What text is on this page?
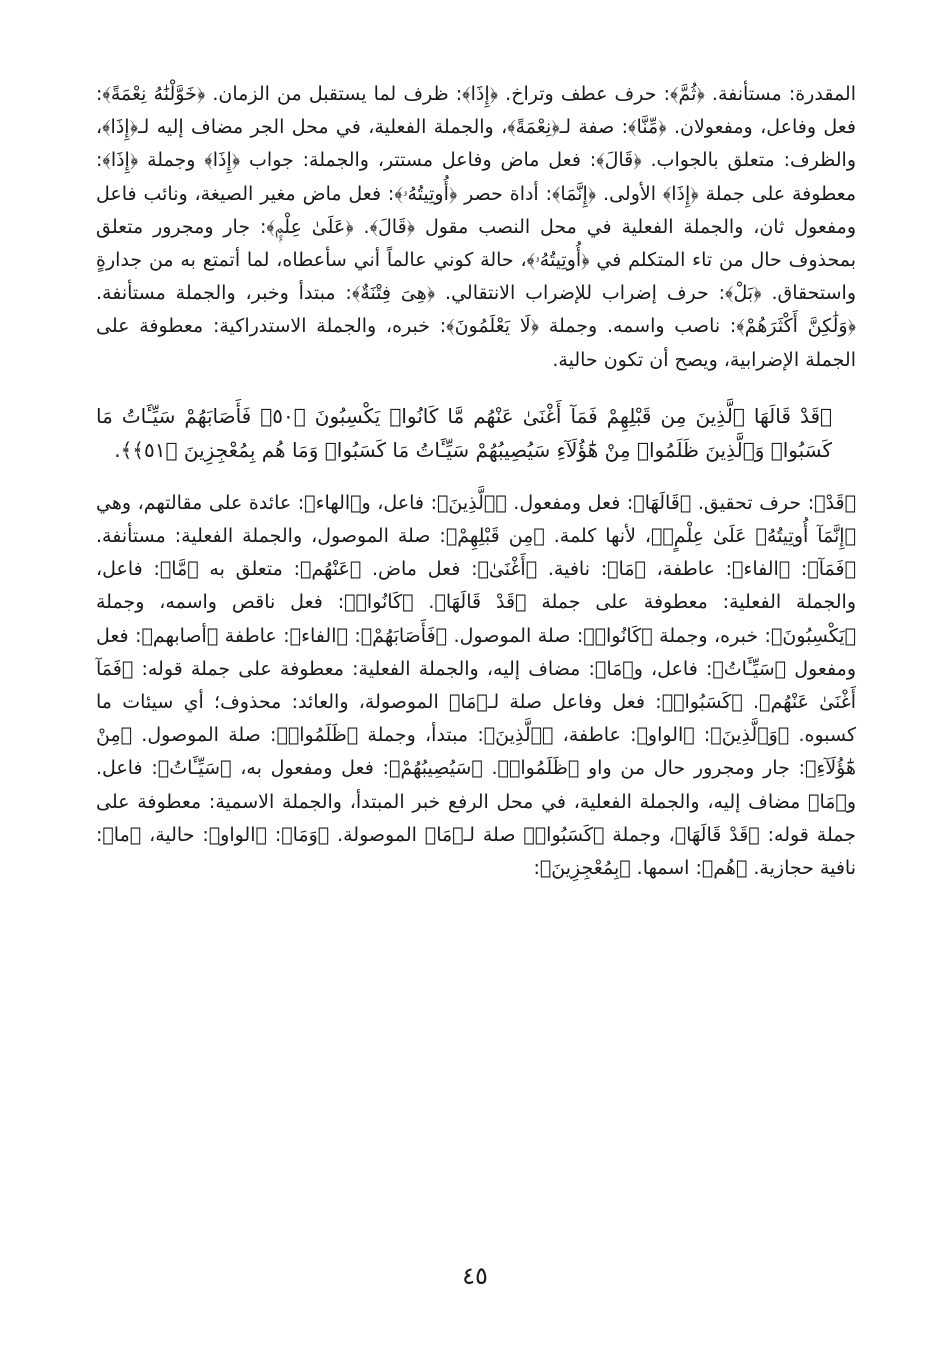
المقدرة: مستأنفة. ﴿ثُمَّ﴾: حرف عطف وتراخ. ﴿إِذَا﴾: ظرف لما يستقبل من الزمان. ﴿خَوَّلْنَٰهُ نِعْمَةً﴾: فعل وفاعل، ومفعولان. ﴿مِّنَّا﴾: صفة لـ﴿نِعْمَةً﴾، والجملة الفعلية، في محل الجر مضاف إليه لـ﴿إِذَا﴾، والظرف: متعلق بالجواب. ﴿قَالَ﴾: فعل ماض وفاعل مستتر، والجملة: جواب ﴿إِذَا﴾ وجملة ﴿إِذَا﴾: معطوفة على جملة ﴿إِذَا﴾ الأولى. ﴿إِنَّمَا﴾: أداة حصر ﴿أُوتِيتُهُۥ﴾: فعل ماض مغير الصيغة، ونائب فاعل ومفعول ثان، والجملة الفعلية في محل النصب مقول ﴿قَالَ﴾. ﴿عَلَىٰ عِلْمٍۭ﴾: جار ومجرور متعلق بمحذوف حال من تاء المتكلم في ﴿أُوتِيتُهُۥ﴾، حالة كوني عالماً أني سأعطاه، لما أتمتع به من جدارةٍ واستحقاق. ﴿بَلْ﴾: حرف إضراب للإضراب الانتقالي. ﴿هِىَ فِتْنَةٌ﴾: مبتدأ وخبر، والجملة مستأنفة. ﴿وَلَٰكِنَّ أَكْثَرَهُمْ﴾: ناصب واسمه. وجملة ﴿لَا يَعْلَمُونَ﴾: خبره، والجملة الاستدراكية: معطوفة على الجملة الإضرابية، ويصح أن تكون حالية.

﴿قَدْ قَالَهَا ٱلَّذِينَ مِن قَبْلِهِمْ فَمَآ أَغْنَىٰ عَنْهُم مَّا كَانُوا۟ يَكْسِبُونَ ﴿٥٠﴾ فَأَصَابَهُمْ سَيِّـَٔاتُ مَا كَسَبُوا۟ وَٱلَّذِينَ ظَلَمُوا۟ مِنْ هَٰٓؤُلَآءِ سَيُصِيبُهُمْ سَيِّـَٔاتُ مَا كَسَبُوا۟ وَمَا هُم بِمُعْجِزِينَ ﴿٥١﴾﴾.

﴿قَدْ﴾: حرف تحقيق. ﴿قَالَهَا﴾: فعل ومفعول. ﴿ٱلَّذِينَ﴾: فاعل، و﴿الهاء﴾: عائدة على مقالتهم، وهي ﴿إِنَّمَآ أُوتِيتُهُۥ عَلَىٰ عِلْمٍۭ﴾، لأنها كلمة. ﴿مِن قَبْلِهِمْ﴾: صلة الموصول، والجملة الفعلية: مستأنفة. ﴿فَمَآ﴾: ﴿الفاء﴾: عاطفة، ﴿مَا﴾: نافية. ﴿أَغْنَىٰ﴾: فعل ماض. ﴿عَنْهُم﴾: متعلق به ﴿مَّا﴾: فاعل، والجملة الفعلية: معطوفة على جملة ﴿قَدْ قَالَهَا﴾. ﴿كَانُوا۟﴾: فعل ناقص واسمه، وجملة ﴿يَكْسِبُونَ﴾: خبره، وجملة ﴿كَانُوا۟﴾: صلة الموصول. ﴿فَأَصَابَهُمْ﴾: ﴿الفاء﴾: عاطفة ﴿أصابهم﴾: فعل ومفعول ﴿سَيِّـَٔاتُ﴾: فاعل، و﴿مَا﴾: مضاف إليه، والجملة الفعلية: معطوفة على جملة قوله: ﴿فَمَآ أَغْنَىٰ عَنْهُم﴾. ﴿كَسَبُوا۟﴾: فعل وفاعل صلة لـ﴿مَا﴾ الموصولة، والعائد: محذوف؛ أي سيئات ما كسبوه. ﴿وَٱلَّذِينَ﴾: ﴿الواو﴾: عاطفة، ﴿ٱلَّذِينَ﴾: مبتدأ، وجملة ﴿ظَلَمُوا۟﴾: صلة الموصول. ﴿مِنْ هَٰٓؤُلَآءِ﴾: جار ومجرور حال من واو ﴿ظَلَمُوا۟﴾. ﴿سَيُصِيبُهُمْ﴾: فعل ومفعول به، ﴿سَيِّـَٔاتُ﴾: فاعل. و﴿مَا﴾ مضاف إليه، والجملة الفعلية، في محل الرفع خبر المبتدأ، والجملة الاسمية: معطوفة على جملة قوله: ﴿قَدْ قَالَهَا﴾، وجملة ﴿كَسَبُوا۟﴾ صلة لـ﴿مَا﴾ الموصولة. ﴿وَمَا﴾: ﴿الواو﴾: حالية، ﴿ما﴾: نافية حجازية. ﴿هُم﴾: اسمها. ﴿بِمُعْجِزِينَ﴾:

٤٥
